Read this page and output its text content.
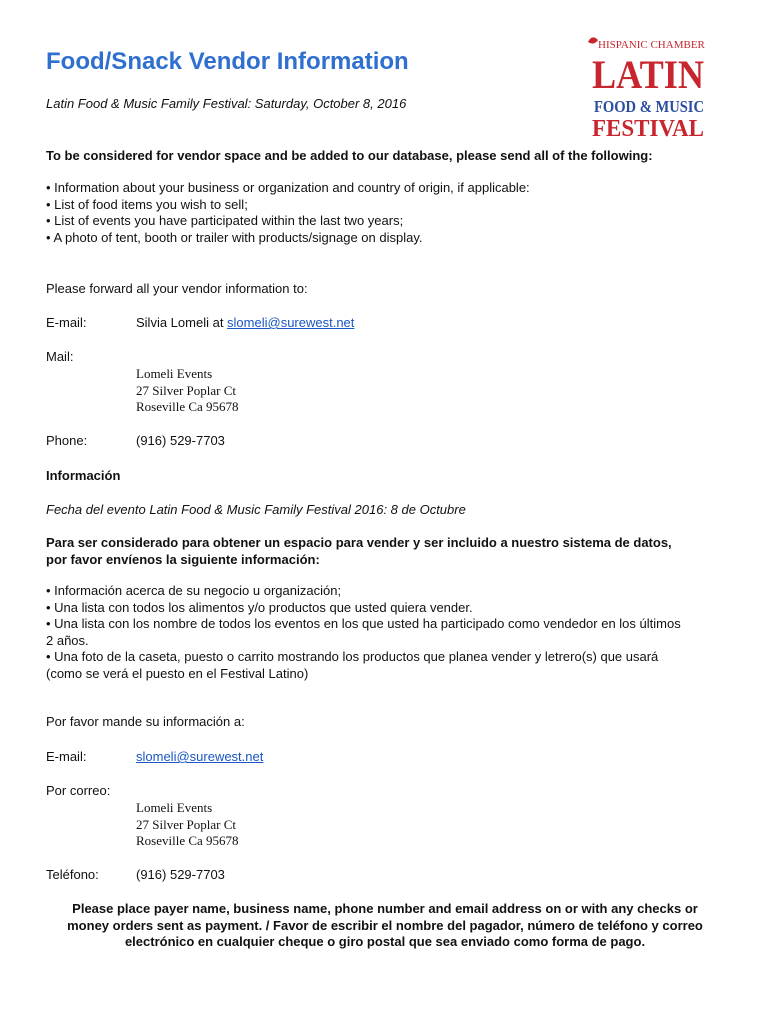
HISPANIC CHAMBER
LATIN
FOOD & MUSIC
FESTIVAL
Food/Snack Vendor Information
Latin Food & Music Family Festival: Saturday, October 8, 2016
To be considered for vendor space and be added to our database, please send all of the following:
• Information about your business or organization and country of origin, if applicable:
• List of food items you wish to sell;
• List of events you have participated within the last two years;
• A photo of tent, booth or trailer with products/signage on display.
Please forward all your vendor information to:
E-mail:	Silvia Lomeli at slomeli@surewest.net
Mail:
Lomeli Events
27 Silver Poplar Ct
Roseville Ca 95678
Phone:	(916) 529-7703
Información
Fecha del evento Latin Food & Music Family Festival 2016: 8 de Octubre
Para ser considerado para obtener un espacio para vender y ser incluido a nuestro sistema de datos,
por favor envíenos la siguiente información:
• Información acerca de su negocio u organización;
• Una lista con todos los alimentos y/o productos que usted quiera vender.
• Una lista con los nombre de todos los eventos en los que usted ha participado como vendedor en los últimos
2 años.
• Una foto de la caseta, puesto o carrito mostrando los productos que planea vender y letrero(s) que usará
(como se verá el puesto en el Festival Latino)
Por favor mande su información a:
E-mail:	slomeli@surewest.net
Por correo:
Lomeli Events
27 Silver Poplar Ct
Roseville Ca 95678
Teléfono:	(916) 529-7703
Please place payer name, business name, phone number and email address on or with any checks or
money orders sent as payment. / Favor de escribir el nombre del pagador, número de teléfono y correo
electrónico en cualquier cheque o giro postal que sea enviado como forma de pago.
